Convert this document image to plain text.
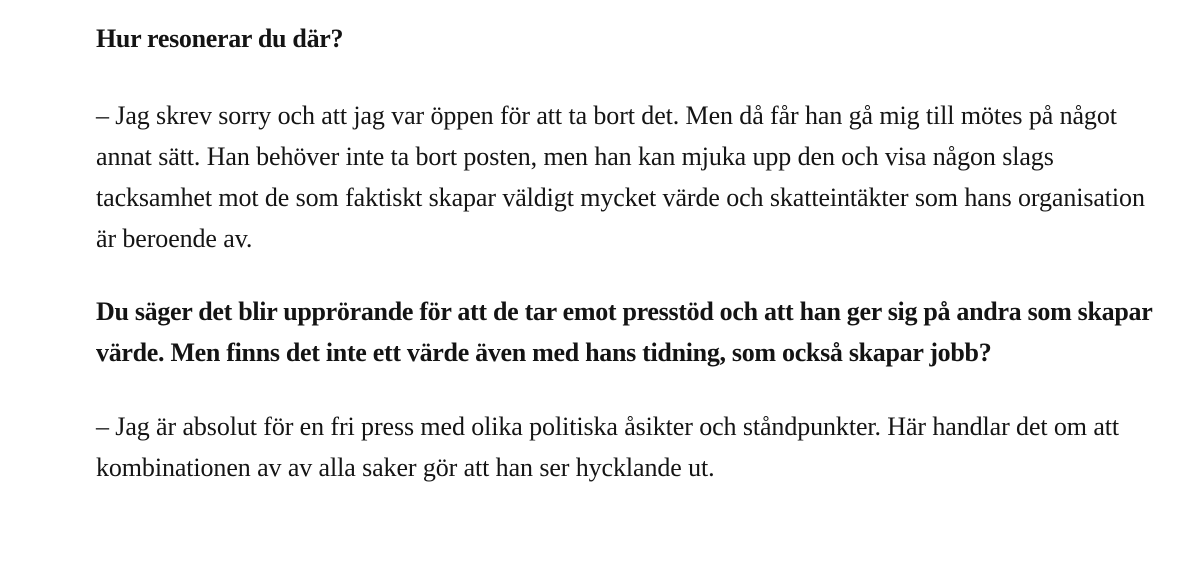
Hur resonerar du där?

– Jag skrev sorry och att jag var öppen för att ta bort det. Men då får han gå mig till mötes på något annat sätt. Han behöver inte ta bort posten, men han kan mjuka upp den och visa någon slags tacksamhet mot de som faktiskt skapar väldigt mycket värde och skatteintäkter som hans organisation är beroende av.

Du säger det blir upprörande för att de tar emot presstöd och att han ger sig på andra som skapar värde. Men finns det inte ett värde även med hans tidning, som också skapar jobb?

– Jag är absolut för en fri press med olika politiska åsikter och ståndpunkter. Här handlar det om att kombinationen av av alla saker gör att han ser hycklande ut.
